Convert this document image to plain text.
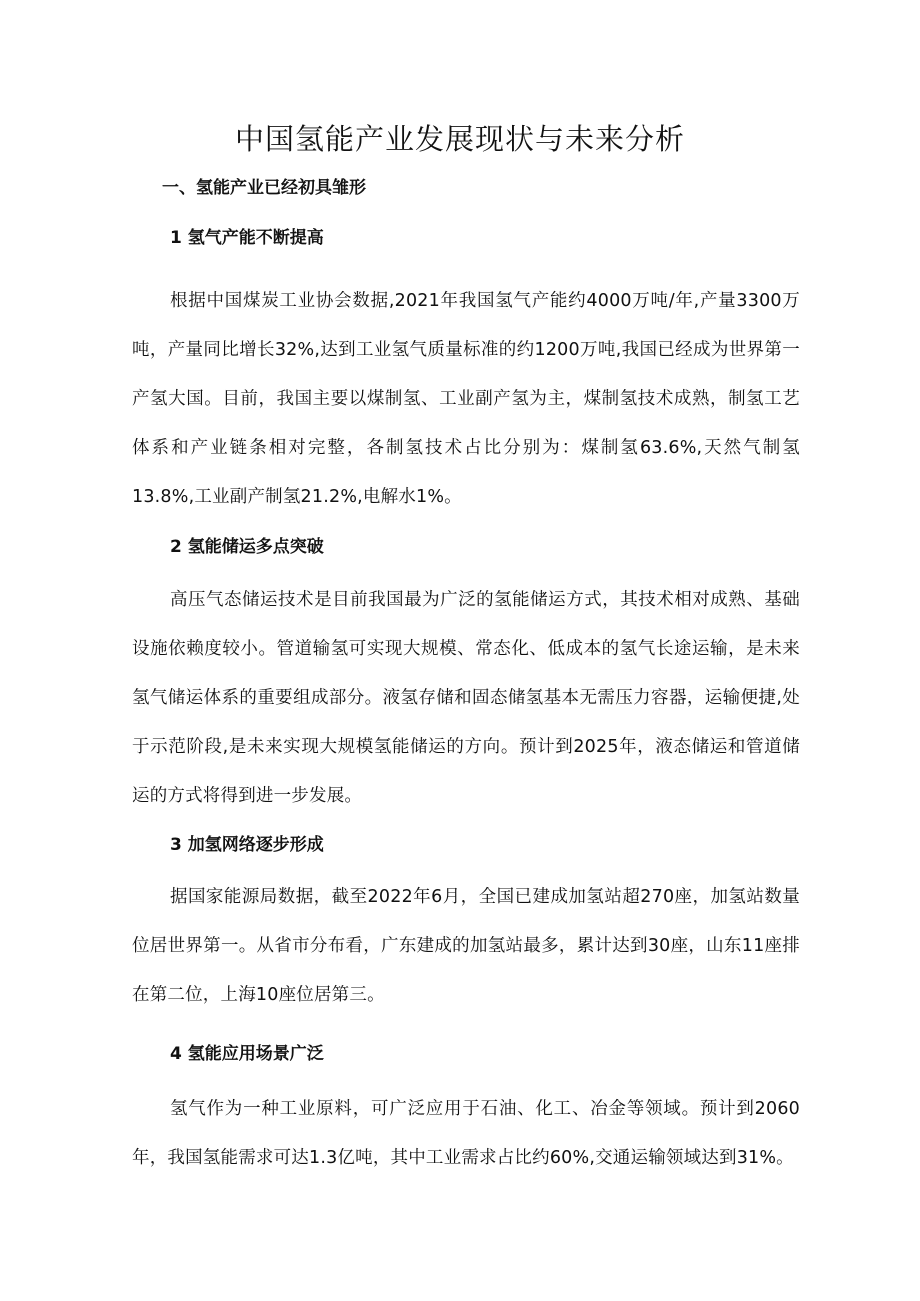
中国氢能产业发展现状与未来分析
一、氢能产业已经初具雏形
1 氢气产能不断提高

根据中国煤炭工业协会数据,2021年我国氢气产能约4000万吨/年,产量3300万吨，产量同比增长32%,达到工业氢气质量标准的约1200万吨,我国已经成为世界第一产氢大国。目前，我国主要以煤制氢、工业副产氢为主，煤制氢技术成熟，制氢工艺体系和产业链条相对完整，各制氢技术占比分别为：煤制氢63.6%,天然气制氢13.8%,工业副产制氢21.2%,电解水1%。

2 氢能储运多点突破

高压气态储运技术是目前我国最为广泛的氢能储运方式，其技术相对成熟、基础设施依赖度较小。管道输氢可实现大规模、常态化、低成本的氢气长途运输，是未来氢气储运体系的重要组成部分。液氢存储和固态储氢基本无需压力容器，运输便捷,处于示范阶段,是未来实现大规模氢能储运的方向。预计到2025年，液态储运和管道储运的方式将得到进一步发展。

3 加氢网络逐步形成

据国家能源局数据，截至2022年6月，全国已建成加氢站超270座，加氢站数量位居世界第一。从省市分布看，广东建成的加氢站最多，累计达到30座，山东11座排在第二位，上海10座位居第三。

4 氢能应用场景广泛

氢气作为一种工业原料，可广泛应用于石油、化工、冶金等领域。预计到2060年，我国氢能需求可达1.3亿吨，其中工业需求占比约60%,交通运输领域达到31%。
